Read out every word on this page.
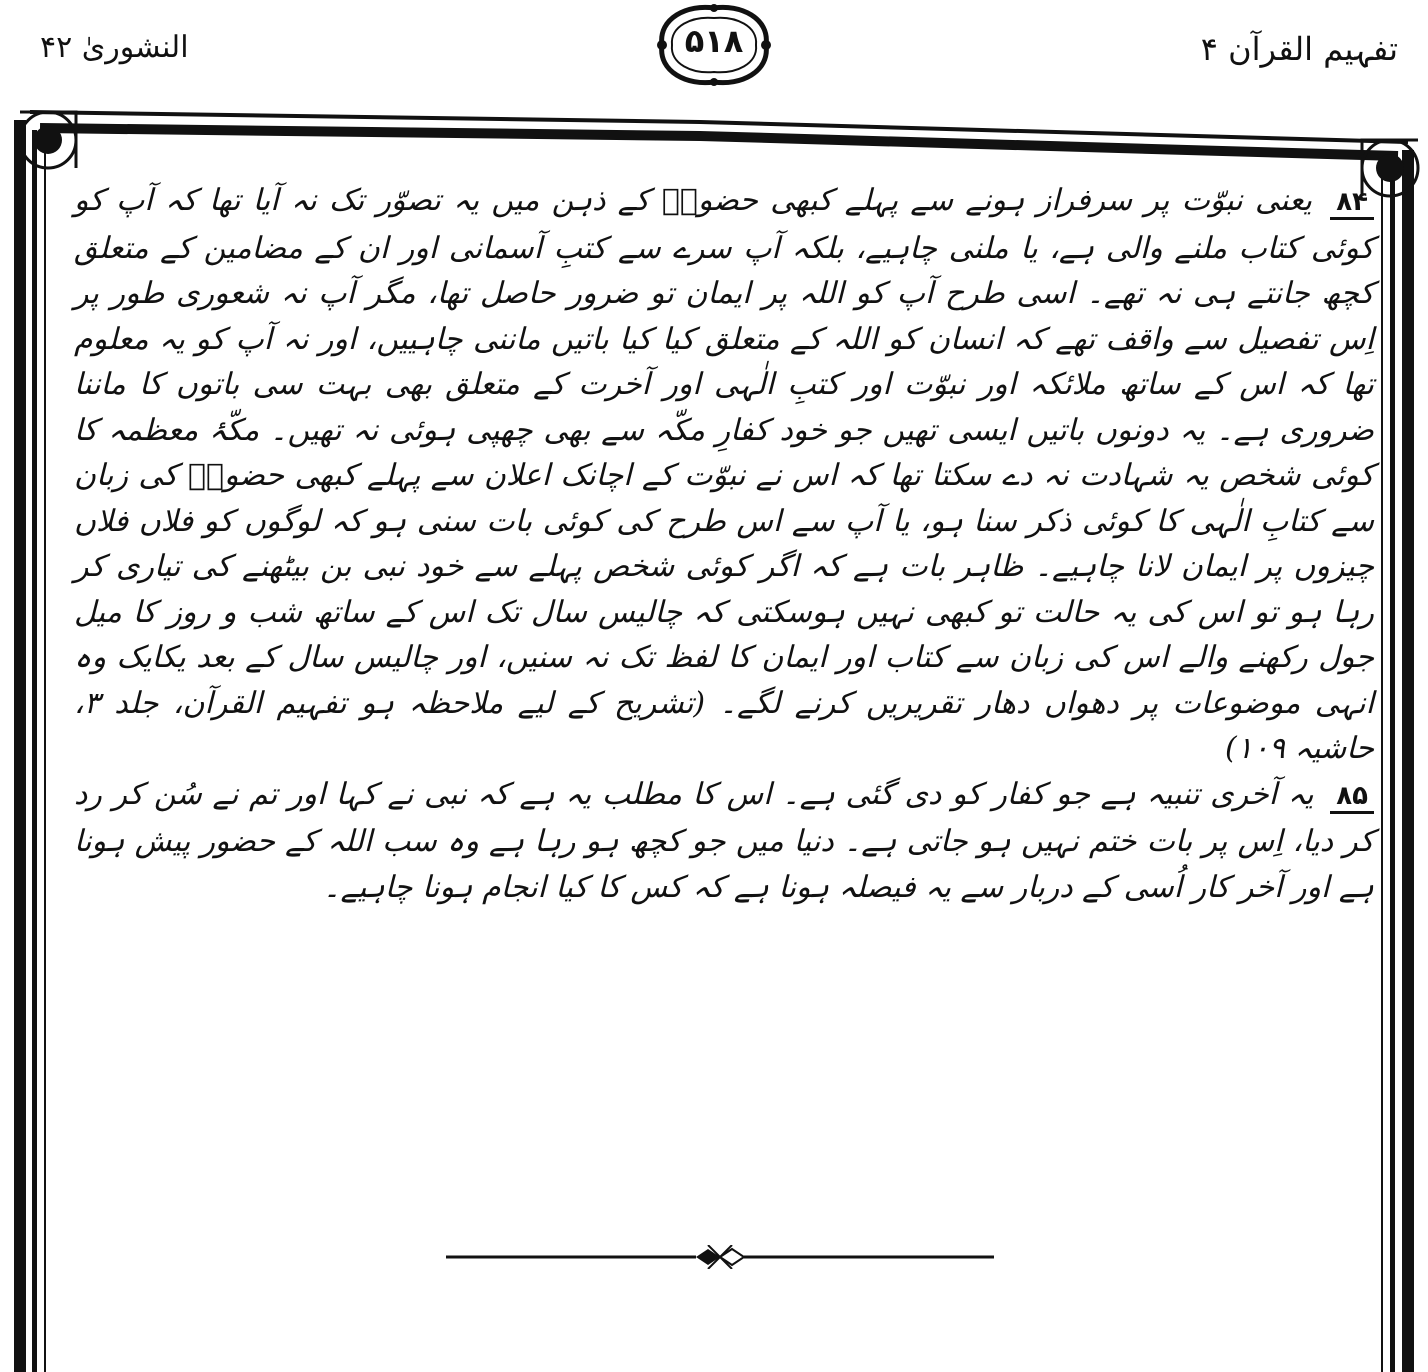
النشوریٰ ۴۲	۵۱۸	تفہیم القرآن ۴

۸۴ یعنی نبوّت پر سرفراز ہونے سے پہلے کبھی حضورؐ کے ذہن میں یہ تصوّر تک نہ آیا تھا کہ آپ کو کوئی کتاب ملنے والی ہے، یا ملنی چاہیے، بلکہ آپ سرے سے کتبِ آسمانی اور ان کے مضامین کے متعلق کچھ جانتے ہی نہ تھے۔ اسی طرح آپ کو اللہ پر ایمان تو ضرور حاصل تھا، مگر آپ نہ شعوری طور پر اِس تفصیل سے واقف تھے کہ انسان کو اللہ کے متعلق کیا کیا باتیں ماننی چاہییں، اور نہ آپ کو یہ معلوم تھا کہ اس کے ساتھ ملائکہ اور نبوّت اور کتبِ الٰہی اور آخرت کے متعلق بھی بہت سی باتوں کا ماننا ضروری ہے۔ یہ دونوں باتیں ایسی تھیں جو خود کفارِ مکّہ سے بھی چھپی ہوئی نہ تھیں۔ مکّۂ معظمہ کا کوئی شخص یہ شہادت نہ دے سکتا تھا کہ اس نے نبوّت کے اچانک اعلان سے پہلے کبھی حضورؐ کی زبان سے کتابِ الٰہی کا کوئی ذکر سنا ہو، یا آپ سے اس طرح کی کوئی بات سنی ہو کہ لوگوں کو فلاں فلاں چیزوں پر ایمان لانا چاہیے۔ ظاہر بات ہے کہ اگر کوئی شخص پہلے سے خود نبی بن بیٹھنے کی تیاری کر رہا ہو تو اس کی یہ حالت تو کبھی نہیں ہوسکتی کہ چالیس سال تک اس کے ساتھ شب و روز کا میل جول رکھنے والے اس کی زبان سے کتاب اور ایمان کا لفظ تک نہ سنیں، اور چالیس سال کے بعد یکایک وہ انہی موضوعات پر دھواں دھار تقریریں کرنے لگے۔ (تشریح کے لیے ملاحظہ ہو تفہیم القرآن، جلد ۳، حاشیہ ۱۰۹)

۸۵ یہ آخری تنبیہ ہے جو کفار کو دی گئی ہے۔ اس کا مطلب یہ ہے کہ نبی نے کہا اور تم نے سُن کر رد کر دیا، اِس پر بات ختم نہیں ہو جاتی ہے۔ دنیا میں جو کچھ ہو رہا ہے وہ سب اللہ کے حضور پیش ہونا ہے اور آخر کار اُسی کے دربار سے یہ فیصلہ ہونا ہے کہ کس کا کیا انجام ہونا چاہیے۔
